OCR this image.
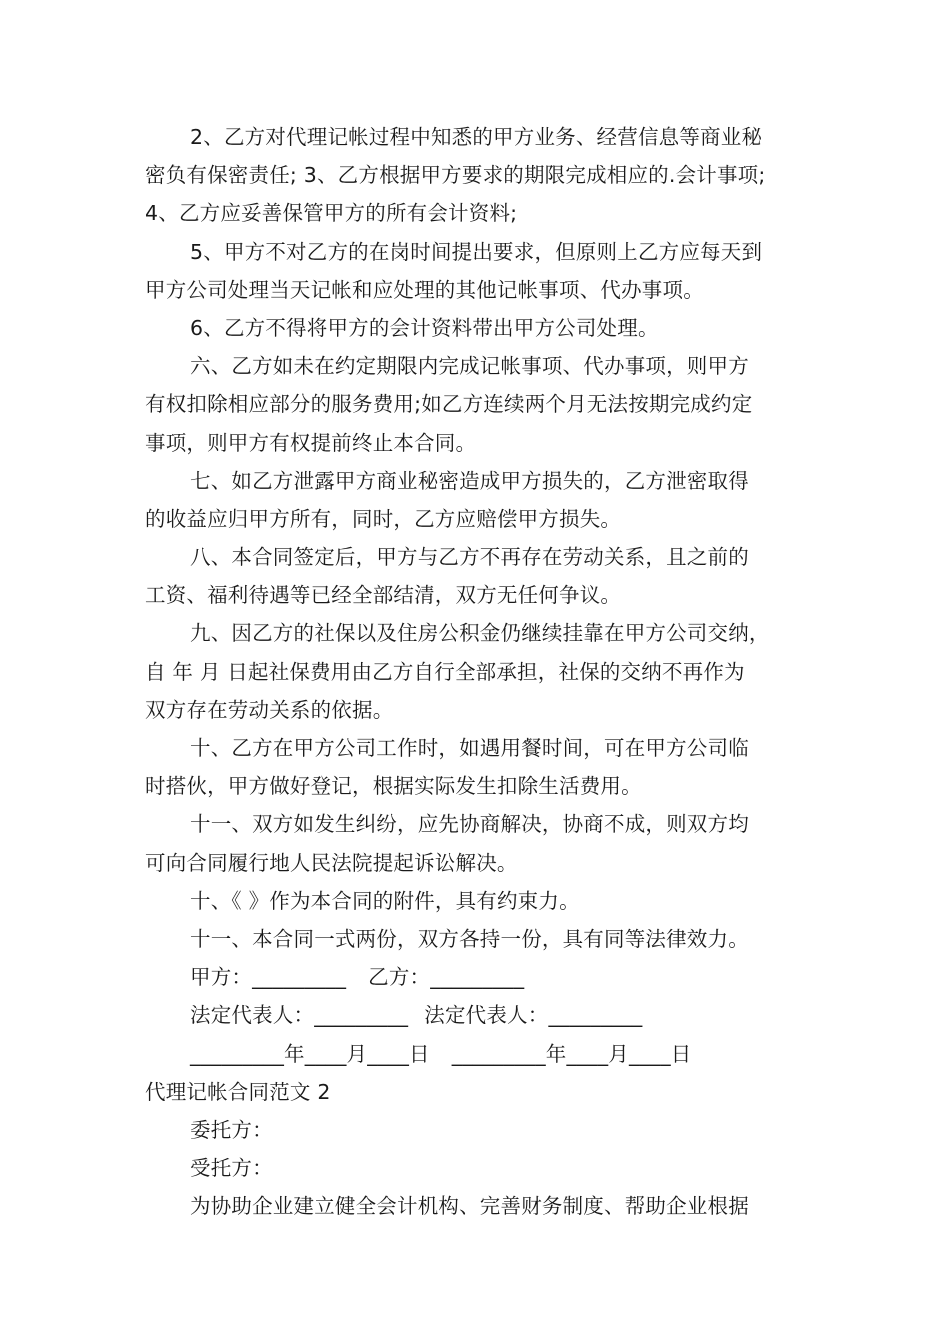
2、乙方对代理记帐过程中知悉的甲方业务、经营信息等商业秘
密负有保密责任; 3、乙方根据甲方要求的期限完成相应的.会计事项;
4、乙方应妥善保管甲方的所有会计资料;
5、甲方不对乙方的在岗时间提出要求，但原则上乙方应每天到
甲方公司处理当天记帐和应处理的其他记帐事项、代办事项。
6、乙方不得将甲方的会计资料带出甲方公司处理。
六、乙方如未在约定期限内完成记帐事项、代办事项，则甲方
有权扣除相应部分的服务费用;如乙方连续两个月无法按期完成约定
事项，则甲方有权提前终止本合同。
七、如乙方泄露甲方商业秘密造成甲方损失的，乙方泄密取得
的收益应归甲方所有，同时，乙方应赔偿甲方损失。
八、本合同签定后，甲方与乙方不再存在劳动关系，且之前的
工资、福利待遇等已经全部结清，双方无任何争议。
九、因乙方的社保以及住房公积金仍继续挂靠在甲方公司交纳，
自 年 月 日起社保费用由乙方自行全部承担，社保的交纳不再作为
双方存在劳动关系的依据。
十、乙方在甲方公司工作时，如遇用餐时间，可在甲方公司临
时搭伙，甲方做好登记，根据实际发生扣除生活费用。
十一、双方如发生纠纷，应先协商解决，协商不成，则双方均
可向合同履行地人民法院提起诉讼解决。
十、《 》作为本合同的附件，具有约束力。
十一、本合同一式两份，双方各持一份，具有同等法律效力。
甲方：_________ 乙方：_________
法定代表人：_________ 法定代表人：_________
_________年____月____日 _________年____月____日
代理记帐合同范文 2
委托方：
受托方：
为协助企业建立健全会计机构、完善财务制度、帮助企业根据
